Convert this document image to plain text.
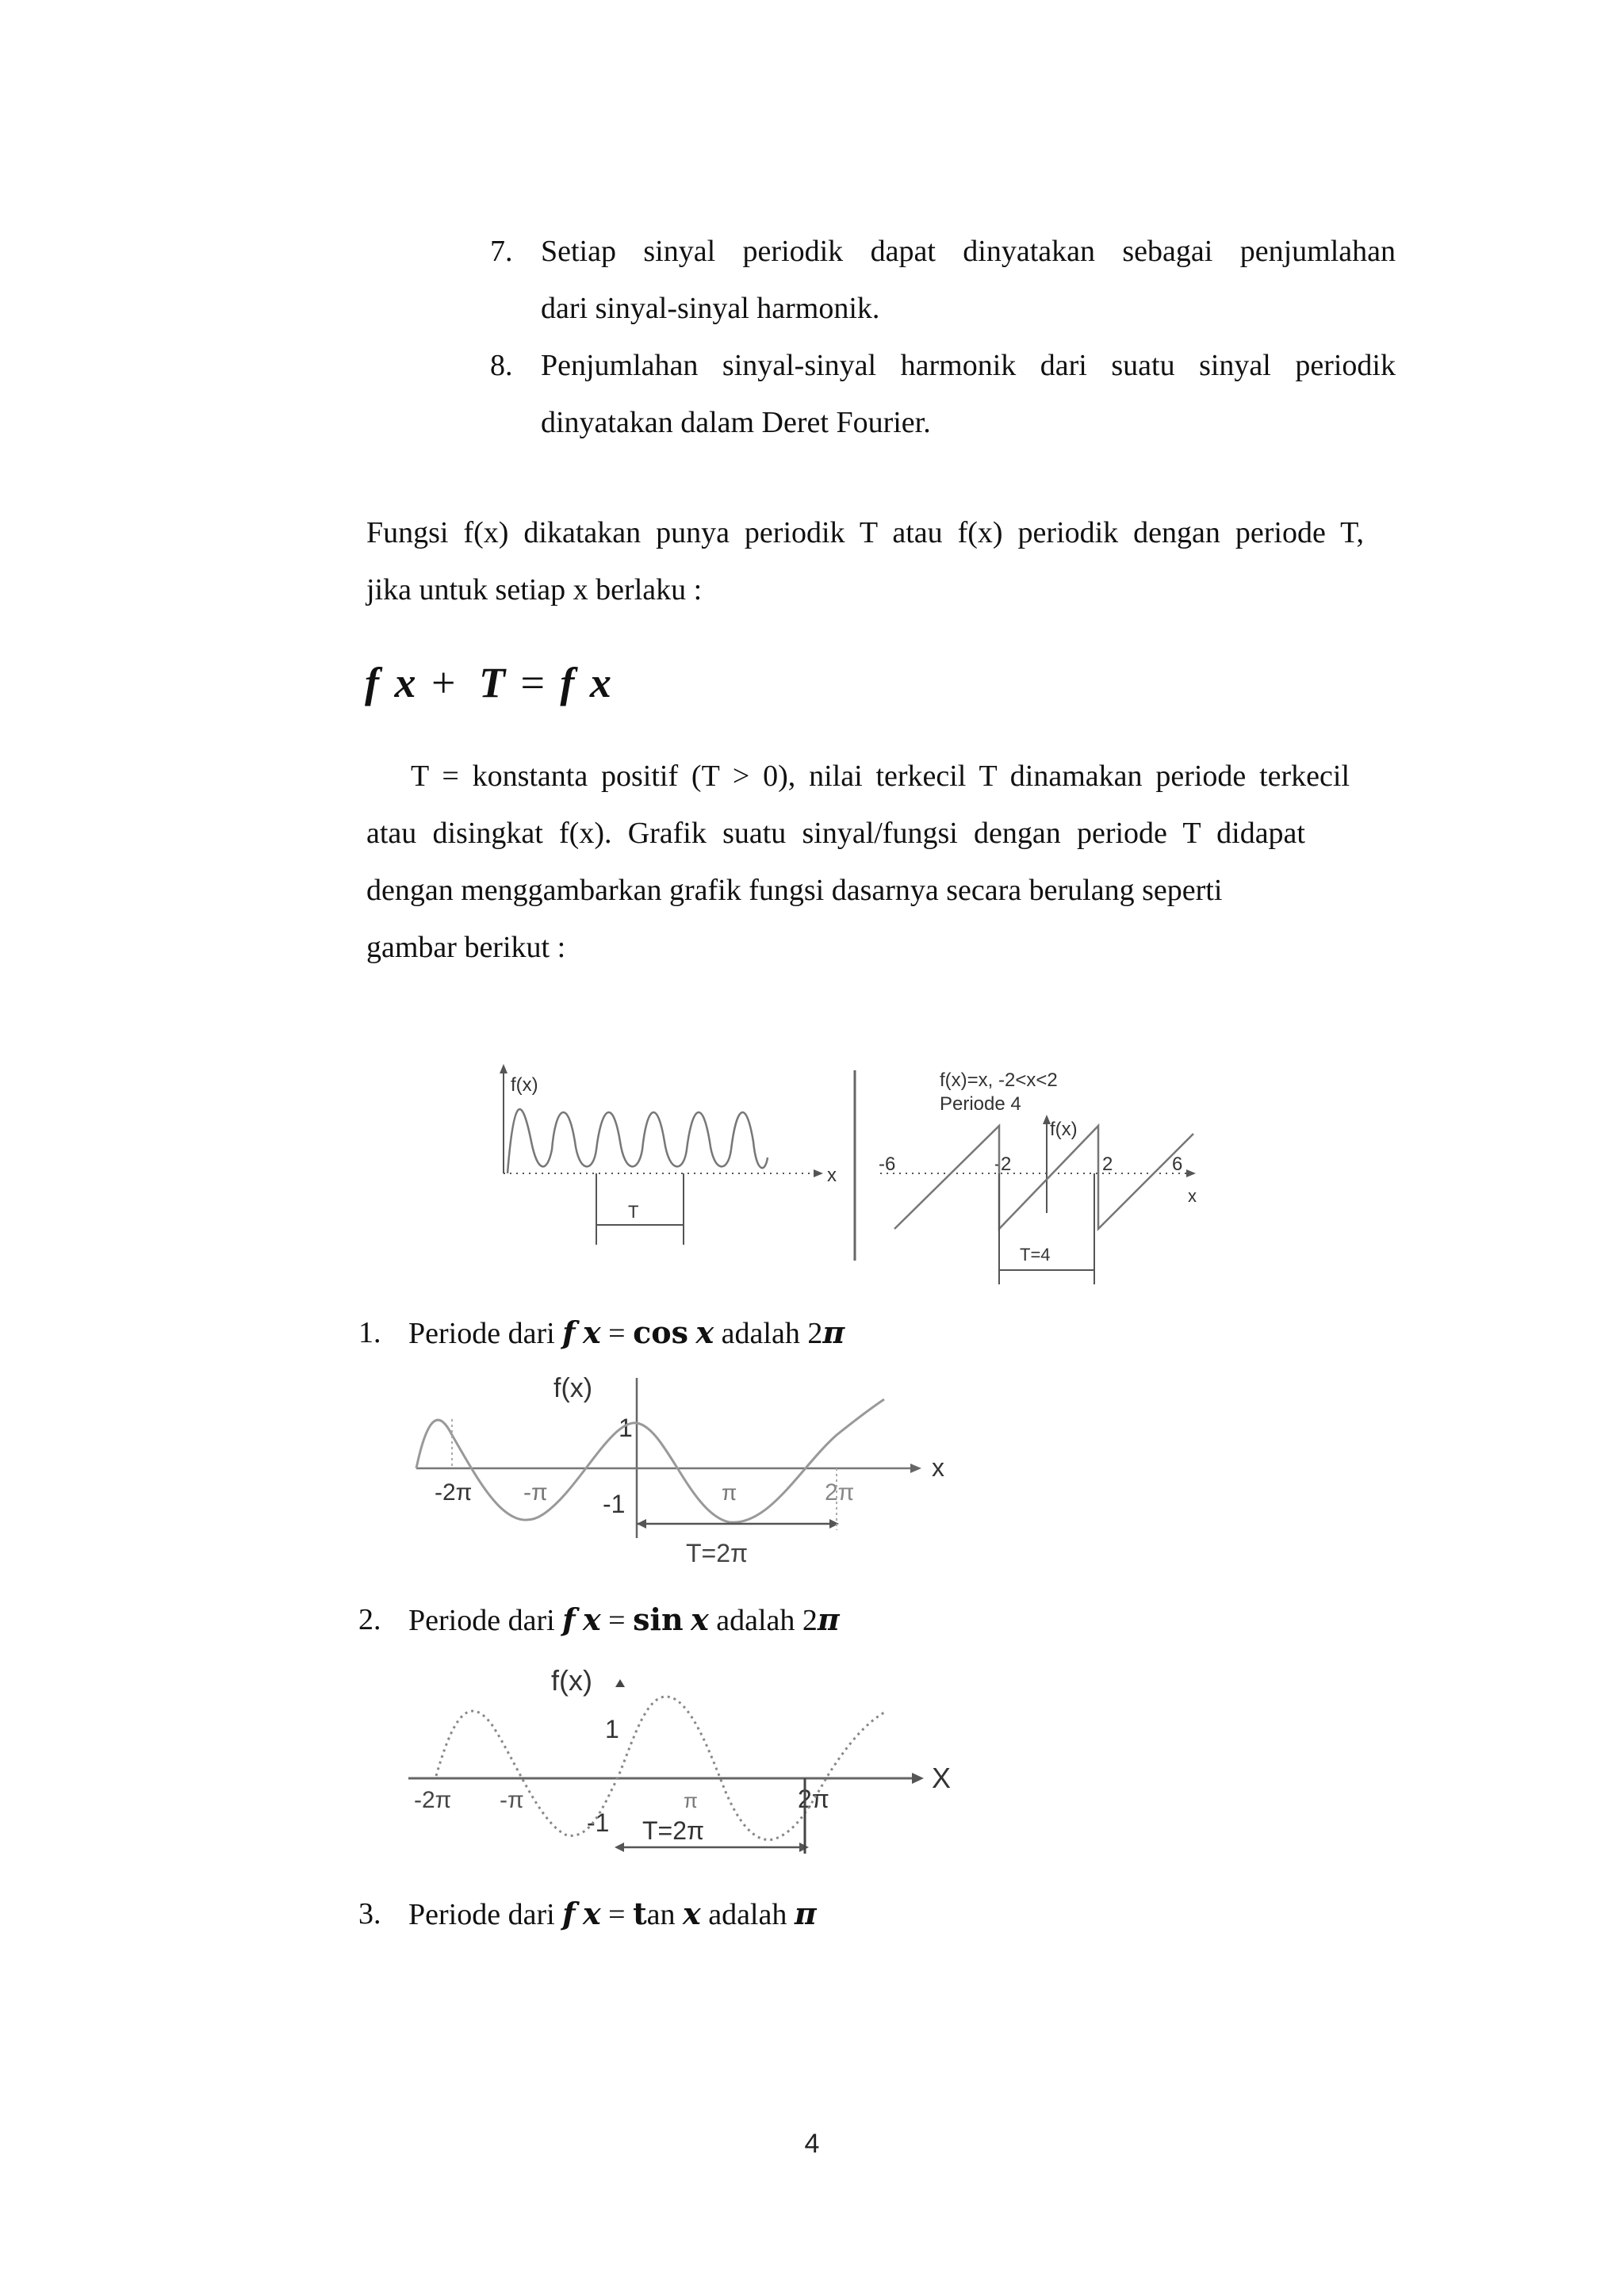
7. Setiap sinyal periodik dapat dinyatakan sebagai penjumlahan
dari sinyal-sinyal harmonik.
8. Penjumlahan sinyal-sinyal harmonik dari suatu sinyal periodik
dinyatakan dalam Deret Fourier.
Fungsi f(x) dikatakan punya periodik T atau f(x) periodik dengan periode T,
jika untuk setiap x berlaku :
f x + T = f x
T = konstanta positif (T > 0), nilai terkecil T dinamakan periode terkecil
atau disingkat f(x). Grafik suatu sinyal/fungsi dengan periode T didapat
dengan menggambarkan grafik fungsi dasarnya secara berulang seperti
gambar berikut :
f(x)
x
T
f(x)=x, -2<x<2
Periode 4
f(x)
x
-6	-2	2	6
T=4
1. Periode dari f x = cos x adalah 2π
f(x)
1
-1
x
-2π -π	π	2π
T=2π
2. Periode dari f x = sin x adalah 2π
f(x)
1
-1
X
-2π -π	π	2π
T=2π
3. Periode dari f x = tan x adalah π
4
